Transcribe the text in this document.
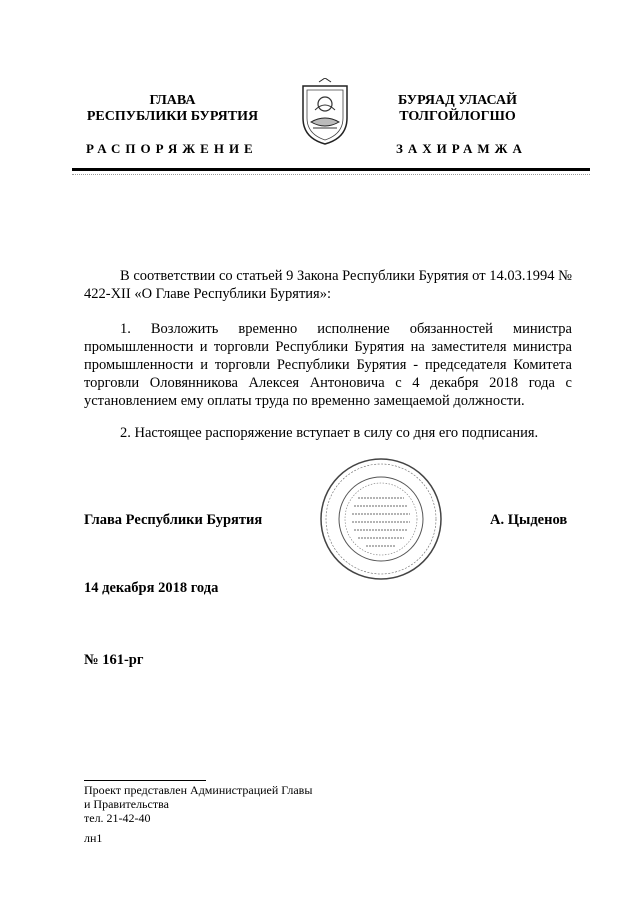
ГЛАВА
РЕСПУБЛИКИ БУРЯТИЯ
РАСПОРЯЖЕНИЕ
БУРЯАД УЛАСАЙ
ТОЛГОЙЛОГШО
ЗАХИРАМЖА
В соответствии со статьей 9 Закона Республики Бурятия от 14.03.1994 № 422-XII «О Главе Республики Бурятия»:
1. Возложить временно исполнение обязанностей министра промышленности и торговли Республики Бурятия на заместителя министра промышленности и торговли Республики Бурятия - председателя Комитета торговли Оловянникова Алексея Антоновича с 4 декабря 2018 года с установлением ему оплаты труда по временно замещаемой должности.
2. Настоящее распоряжение вступает в силу со дня его подписания.
Глава Республики Бурятия	А. Цыденов
14 декабря 2018 года
№ 161-рг
Проект представлен Администрацией Главы
и Правительства
тел. 21-42-40
лн1
